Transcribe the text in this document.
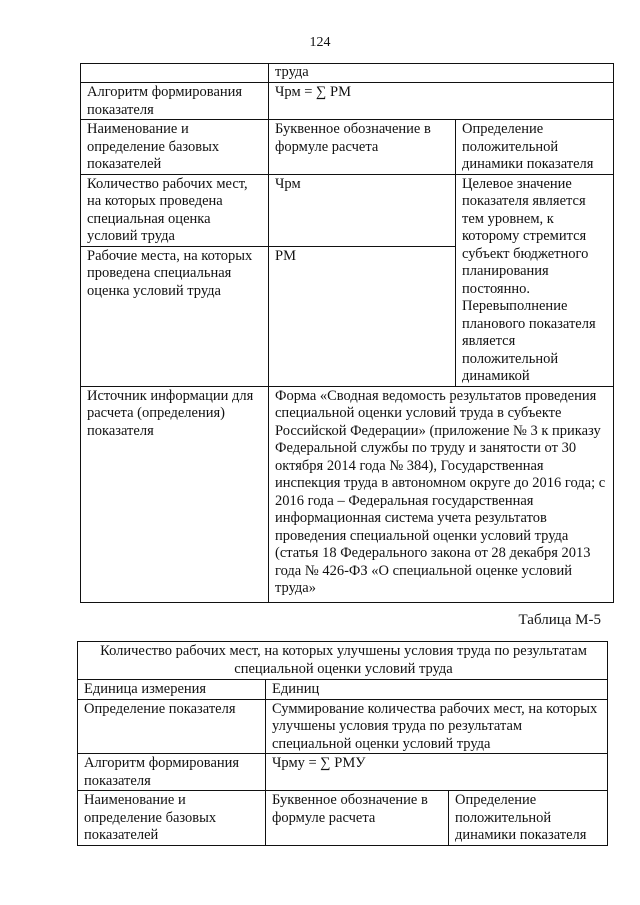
124
	труда	
Алгоритм формирования показателя	Чрм = ∑ РМ	
Наименование и определение базовых показателей	Буквенное обозначение в формуле расчета	Определение положительной динамики показателя
Количество рабочих мест, на которых проведена специальная оценка условий труда	Чрм	Целевое значение показателя является тем уровнем, к которому стремится субъект бюджетного планирования постоянно. Перевыполнение планового показателя является положительной динамикой
Рабочие места, на которых проведена специальная оценка условий труда	РМ	
Источник информации для расчета (определения) показателя	Форма «Сводная ведомость результатов проведения специальной оценки условий труда в субъекте Российской Федерации» (приложение № 3 к приказу Федеральной службы по труду и занятости от 30 октября 2014 года № 384), Государственная инспекция труда в автономном округе до 2016 года; с 2016 года – Федеральная государственная информационная система учета результатов проведения специальной оценки условий труда (статья 18 Федерального закона от 28 декабря 2013 года № 426-ФЗ «О специальной оценке условий труда»	
Таблица М-5
Количество рабочих мест, на которых улучшены условия труда по результатам специальной оценки условий труда		
Единица измерения	Единиц	
Определение показателя	Суммирование количества рабочих мест, на которых улучшены условия труда по результатам специальной оценки условий труда	
Алгоритм формирования показателя	Чрму = ∑ РМУ	
Наименование и определение базовых показателей	Буквенное обозначение в формуле расчета	Определение положительной динамики показателя
